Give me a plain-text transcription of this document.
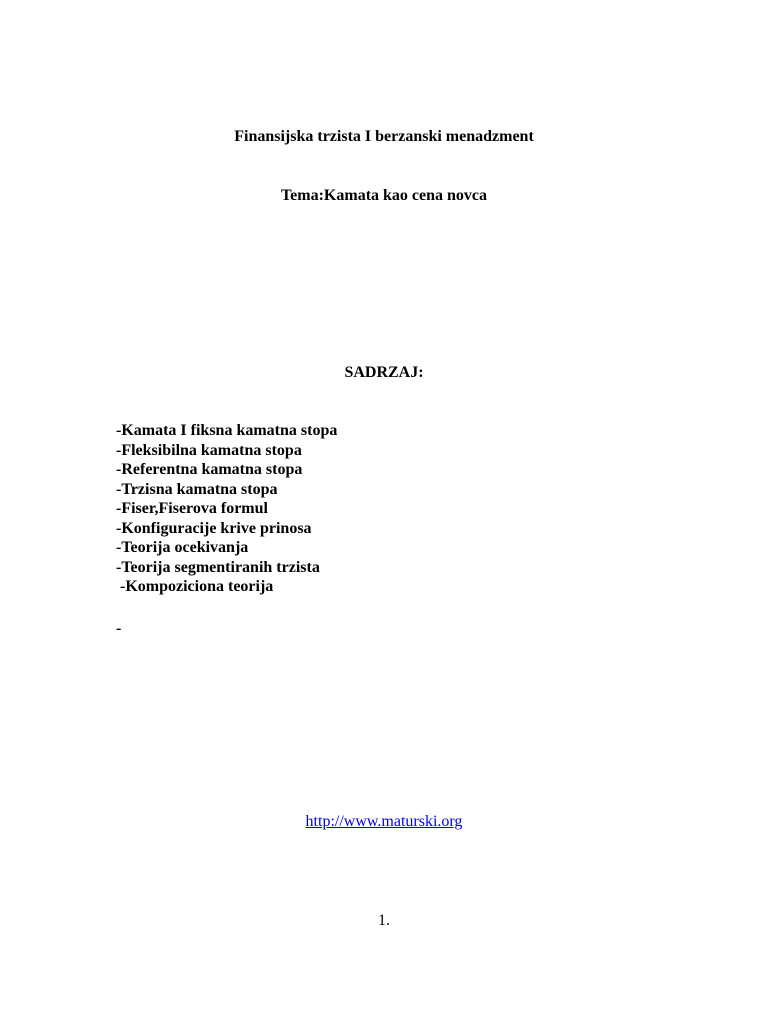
Finansijska trzista I berzanski menadzment
Tema:Kamata kao cena novca
SADRZAJ:
-Kamata I fiksna kamatna stopa
-Fleksibilna kamatna stopa
-Referentna kamatna stopa
-Trzisna kamatna stopa
-Fiser,Fiserova formul
-Konfiguracije krive prinosa
-Teorija ocekivanja
-Teorija segmentiranih trzista
-Kompoziciona teorija
-
http://www.maturski.org
1.
